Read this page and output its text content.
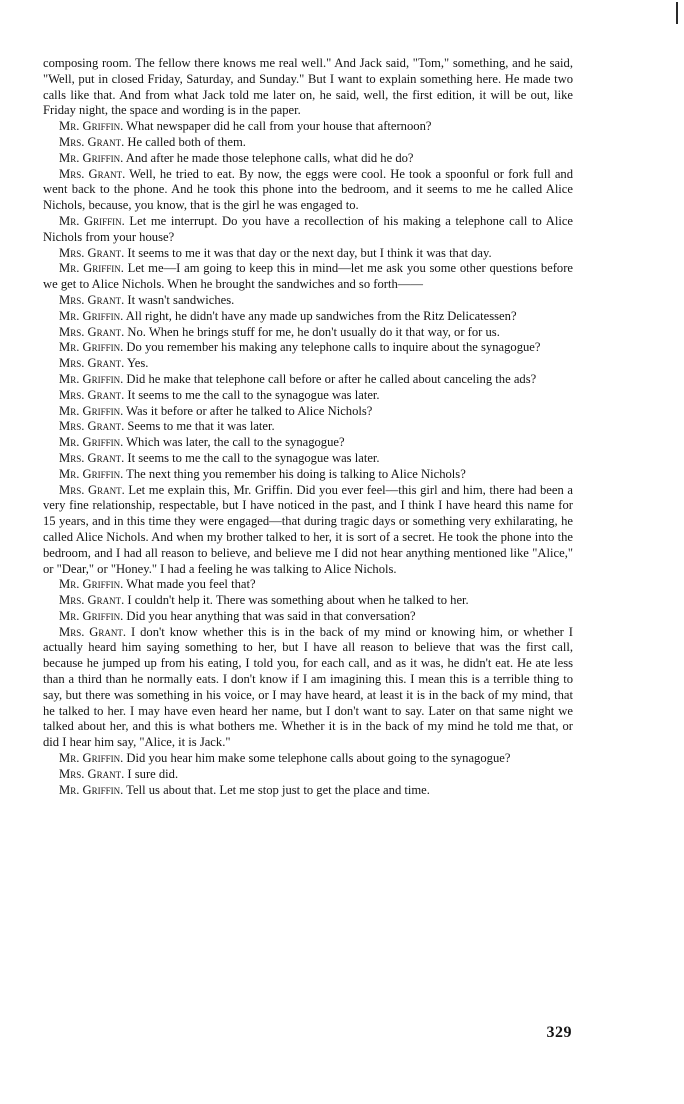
composing room. The fellow there knows me real well." And Jack said, "Tom," something, and he said, "Well, put in closed Friday, Saturday, and Sunday." But I want to explain something here. He made two calls like that. And from what Jack told me later on, he said, well, the first edition, it will be out, like Friday night, the space and wording is in the paper.

Mr. Griffin. What newspaper did he call from your house that afternoon?

Mrs. Grant. He called both of them.

Mr. Griffin. And after he made those telephone calls, what did he do?

Mrs. Grant. Well, he tried to eat. By now, the eggs were cool. He took a spoonful or fork full and went back to the phone. And he took this phone into the bedroom, and it seems to me he called Alice Nichols, because, you know, that is the girl he was engaged to.

Mr. Griffin. Let me interrupt. Do you have a recollection of his making a telephone call to Alice Nichols from your house?

Mrs. Grant. It seems to me it was that day or the next day, but I think it was that day.

Mr. Griffin. Let me—I am going to keep this in mind—let me ask you some other questions before we get to Alice Nichols. When he brought the sandwiches and so forth——

Mrs. Grant. It wasn't sandwiches.

Mr. Griffin. All right, he didn't have any made up sandwiches from the Ritz Delicatessen?

Mrs. Grant. No. When he brings stuff for me, he don't usually do it that way, or for us.

Mr. Griffin. Do you remember his making any telephone calls to inquire about the synagogue?

Mrs. Grant. Yes.

Mr. Griffin. Did he make that telephone call before or after he called about canceling the ads?

Mrs. Grant. It seems to me the call to the synagogue was later.

Mr. Griffin. Was it before or after he talked to Alice Nichols?

Mrs. Grant. Seems to me that it was later.

Mr. Griffin. Which was later, the call to the synagogue?

Mrs. Grant. It seems to me the call to the synagogue was later.

Mr. Griffin. The next thing you remember his doing is talking to Alice Nichols?

Mrs. Grant. Let me explain this, Mr. Griffin. Did you ever feel—this girl and him, there had been a very fine relationship, respectable, but I have noticed in the past, and I think I have heard this name for 15 years, and in this time they were engaged—that during tragic days or something very exhilarating, he called Alice Nichols. And when my brother talked to her, it is sort of a secret. He took the phone into the bedroom, and I had all reason to believe, and believe me I did not hear anything mentioned like "Alice," or "Dear," or "Honey." I had a feeling he was talking to Alice Nichols.

Mr. Griffin. What made you feel that?

Mrs. Grant. I couldn't help it. There was something about when he talked to her.

Mr. Griffin. Did you hear anything that was said in that conversation?

Mrs. Grant. I don't know whether this is in the back of my mind or knowing him, or whether I actually heard him saying something to her, but I have all reason to believe that was the first call, because he jumped up from his eating, I told you, for each call, and as it was, he didn't eat. He ate less than a third than he normally eats. I don't know if I am imagining this. I mean this is a terrible thing to say, but there was something in his voice, or I may have heard, at least it is in the back of my mind, that he talked to her. I may have even heard her name, but I don't want to say. Later on that same night we talked about her, and this is what bothers me. Whether it is in the back of my mind he told me that, or did I hear him say, "Alice, it is Jack."

Mr. Griffin. Did you hear him make some telephone calls about going to the synagogue?

Mrs. Grant. I sure did.

Mr. Griffin. Tell us about that. Let me stop just to get the place and time.

329
